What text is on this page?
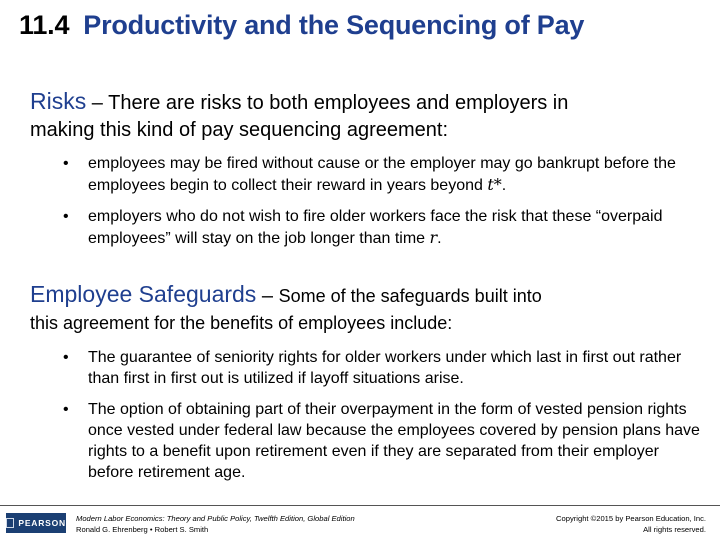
11.4 Productivity and the Sequencing of Pay
Risks – There are risks to both employees and employers in
making this kind of pay sequencing agreement:
• employees may be fired without cause or the employer may go bankrupt before the employees begin to collect their reward in years beyond t*.
• employers who do not wish to fire older workers face the risk that these “overpaid employees” will stay on the job longer than time r.
Employee Safeguards – Some of the safeguards built into
this agreement for the benefits of employees include:
• The guarantee of seniority rights for older workers under which last in first out rather than first in first out is utilized if layoff situations arise.
• The option of obtaining part of their overpayment in the form of vested pension rights once vested under federal law because the employees covered by pension plans have rights to a benefit upon retirement even if they are separated from their employer before retirement age.
PEARSON Modern Labor Economics: Theory and Public Policy, Twelfth Edition, Global Edition
Ronald G. Ehrenberg • Robert S. Smith
Copyright ©2015 by Pearson Education, Inc.
All rights reserved.
